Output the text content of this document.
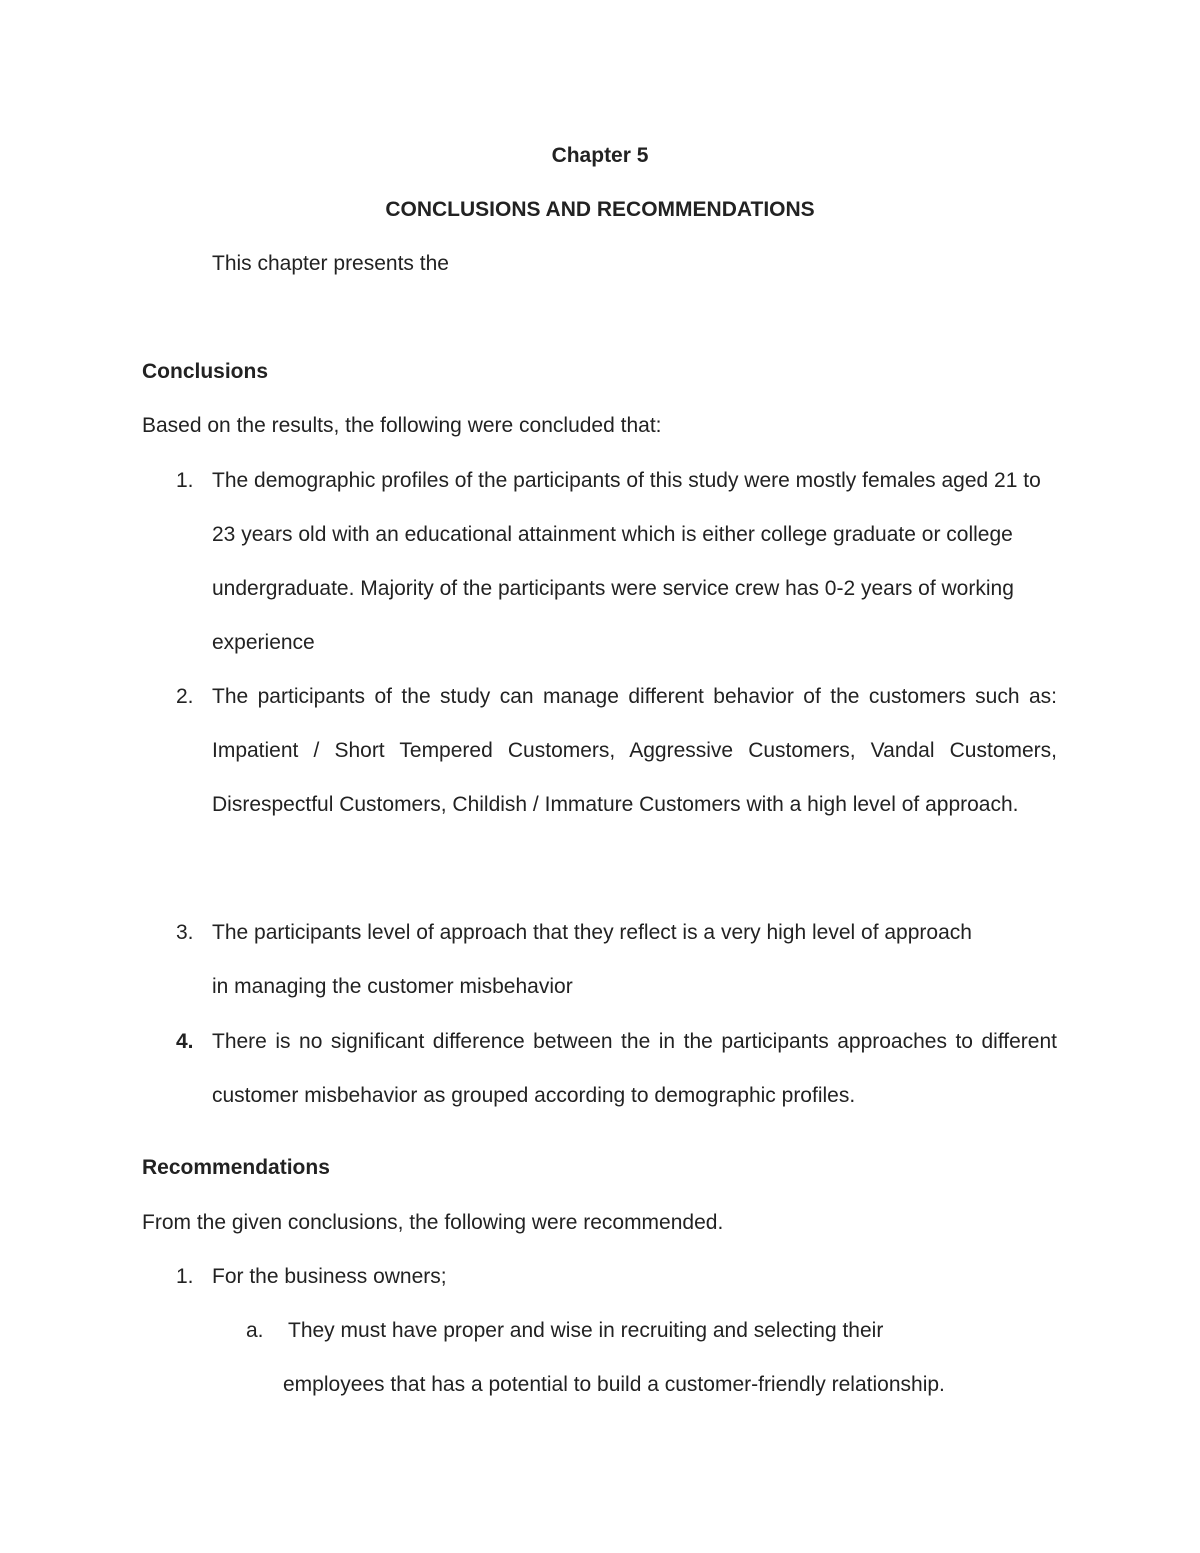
Chapter 5
CONCLUSIONS AND RECOMMENDATIONS
This chapter presents the
Conclusions
Based on the results, the following were concluded that:
1. The demographic profiles of the participants of this study were mostly females aged 21 to 23 years old with an educational attainment which is either college graduate or college undergraduate. Majority of the participants were service crew has 0-2 years of working experience
2. The participants of the study can manage different behavior of the customers such as: Impatient / Short Tempered Customers, Aggressive Customers, Vandal Customers, Disrespectful Customers, Childish / Immature Customers with a high level of approach.
3. The participants level of approach that they reflect is a very high level of approach in managing the customer misbehavior
4. There is no significant difference between the in the participants approaches to different customer misbehavior as grouped according to demographic profiles.
Recommendations
From the given conclusions, the following were recommended.
1. For the business owners;
a. They must have proper and wise in recruiting and selecting their
employees that has a potential to build a customer-friendly relationship.
